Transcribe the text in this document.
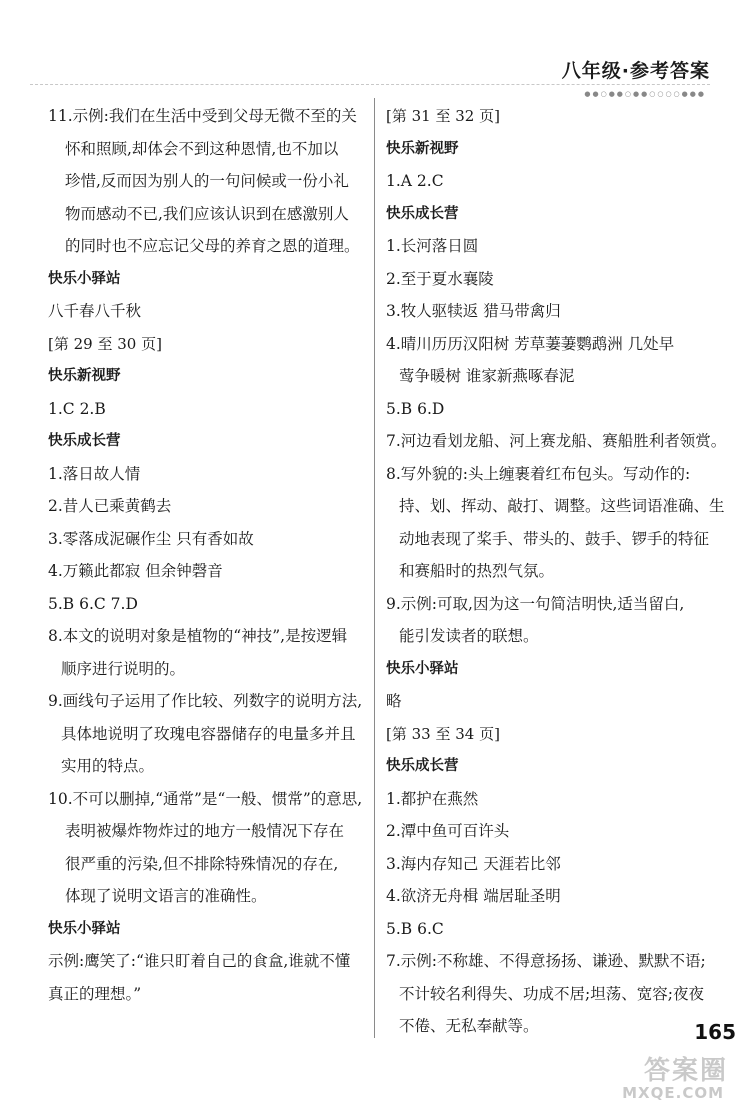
八年级·参考答案
●●○●●○●●○○○○●●●
11.示例:我们在生活中受到父母无微不至的关
怀和照顾,却体会不到这种恩情,也不加以
珍惜,反而因为别人的一句问候或一份小礼
物而感动不已,我们应该认识到在感激别人
的同时也不应忘记父母的养育之恩的道理。
快乐小驿站
八千春八千秋
[第 29 至 30 页]
快乐新视野
1.C 2.B
快乐成长营
1.落日故人情
2.昔人已乘黄鹤去
3.零落成泥碾作尘 只有香如故
4.万籁此都寂 但余钟磬音
5.B 6.C 7.D
8.本文的说明对象是植物的“神技”,是按逻辑
顺序进行说明的。
9.画线句子运用了作比较、列数字的说明方法,
具体地说明了玫瑰电容器储存的电量多并且
实用的特点。
10.不可以删掉,“通常”是“一般、惯常”的意思,
表明被爆炸物炸过的地方一般情况下存在
很严重的污染,但不排除特殊情况的存在,
体现了说明文语言的准确性。
快乐小驿站
示例:鹰笑了:“谁只盯着自己的食盒,谁就不懂
真正的理想。”
[第 31 至 32 页]
快乐新视野
1.A 2.C
快乐成长营
1.长河落日圆
2.至于夏水襄陵
3.牧人驱犊返 猎马带禽归
4.晴川历历汉阳树 芳草萋萋鹦鹉洲 几处早
莺争暖树 谁家新燕啄春泥
5.B 6.D
7.河边看划龙船、河上赛龙船、赛船胜利者领赏。
8.写外貌的:头上缠裹着红布包头。写动作的:
持、划、挥动、敲打、调整。这些词语准确、生
动地表现了桨手、带头的、鼓手、锣手的特征
和赛船时的热烈气氛。
9.示例:可取,因为这一句简洁明快,适当留白,
能引发读者的联想。
快乐小驿站
略
[第 33 至 34 页]
快乐成长营
1.都护在燕然
2.潭中鱼可百许头
3.海内存知己 天涯若比邻
4.欲济无舟楫 端居耻圣明
5.B 6.C
7.示例:不称雄、不得意扬扬、谦逊、默默不语;
不计较名利得失、功成不居;坦荡、宽容;夜夜
不倦、无私奉献等。	165
答案圈
MXQE.COM
